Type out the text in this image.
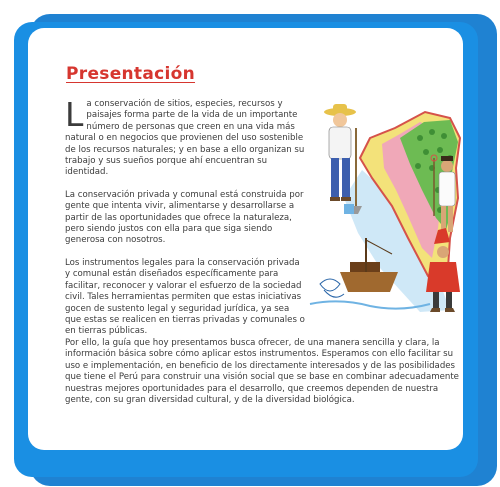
Presentación

La conservación de sitios, especies, recursos y paisajes forma parte de la vida de un importante número de personas que creen en una vida más natural o en negocios que provienen del uso sostenible de los recursos naturales; y en base a ello organizan su trabajo y sus sueños porque ahí encuentran su identidad.

La conservación privada y comunal está construida por gente que intenta vivir, alimentarse y desarrollarse a partir de las oportunidades que ofrece la naturaleza, pero siendo justos con ella para que siga siendo generosa con nosotros.

Los instrumentos legales para la conservación privada y comunal están diseñados específicamente para facilitar, reconocer y valorar el esfuerzo de la sociedad civil. Tales herramientas permiten que estas iniciativas gocen de sustento legal y seguridad jurídica, ya sea que estas se realicen en tierras privadas y comunales o en tierras públicas.

Por ello, la guía que hoy presentamos busca ofrecer, de una manera sencilla y clara, la información básica sobre cómo aplicar estos instrumentos. Esperamos con ello facilitar su uso e implementación, en beneficio de los directamente interesados y de las posibilidades que tiene el Perú para construir una visión social que se base en combinar adecuadamente nuestras mejores oportunidades para el desarrollo, que creemos dependen de nuestra gente, con su gran diversidad cultural, y de la diversidad biológica.
